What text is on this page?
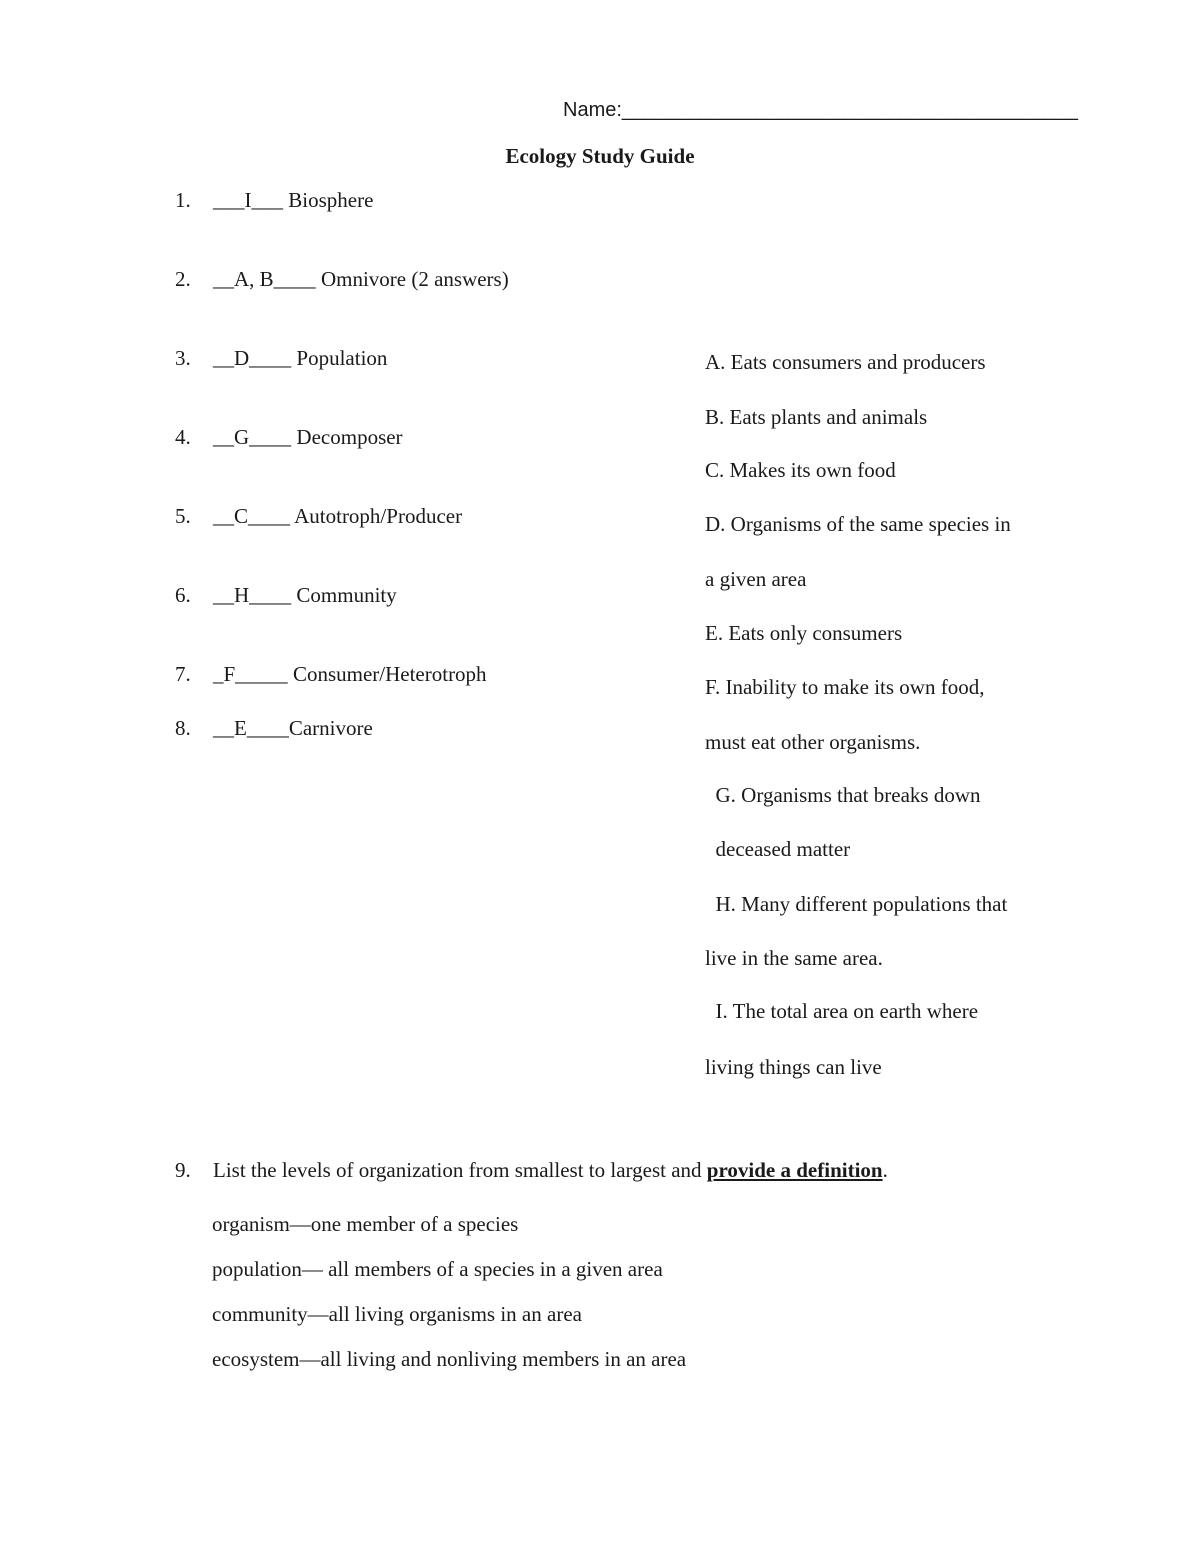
Name:_________________________________________
Ecology Study Guide
1. ___I___ Biosphere
2. __A, B____ Omnivore (2 answers)
3. __D____ Population
4. __G____ Decomposer
5. __C____ Autotroph/Producer
6. __H____ Community
7. _F_____ Consumer/Heterotroph
8. __E____Carnivore
A. Eats consumers and producers
B. Eats plants and animals
C. Makes its own food
D. Organisms of the same species in
a given area
E. Eats only consumers
F. Inability to make its own food,
must eat other organisms.
G. Organisms that breaks down
deceased matter
H. Many different populations that
live in the same area.
I. The total area on earth where
living things can live
9. List the levels of organization from smallest to largest and provide a definition.
organism—one member of a species
population— all members of a species in a given area
community—all living organisms in an area
ecosystem—all living and nonliving members in an area
